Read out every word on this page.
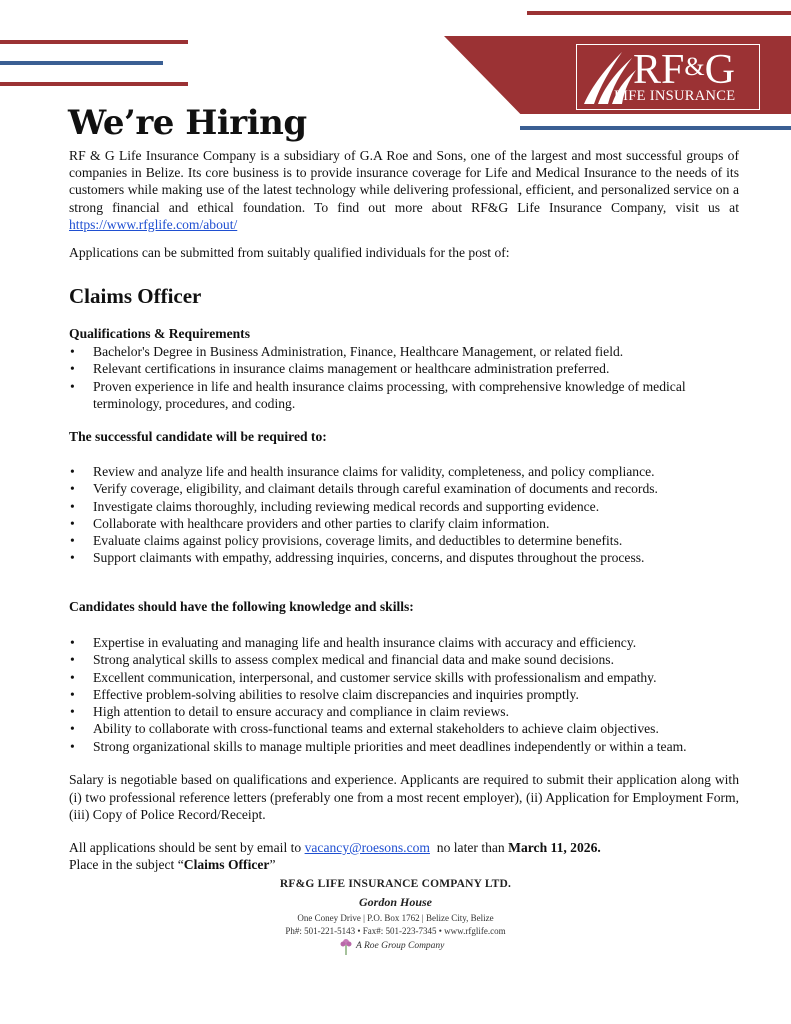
RF&G
LIFE INSURANCE
We’re Hiring
RF & G Life Insurance Company is a subsidiary of G.A Roe and Sons, one of the largest and most successful groups of companies in Belize. Its core business is to provide insurance coverage for Life and Medical Insurance to the needs of its customers while making use of the latest technology while delivering professional, efficient, and personalized service on a strong financial and ethical foundation. To find out more about RF&G Life Insurance Company, visit us at https://www.rfglife.com/about/
Applications can be submitted from suitably qualified individuals for the post of:
Claims Officer
Qualifications & Requirements
• Bachelor's Degree in Business Administration, Finance, Healthcare Management, or related field.
• Relevant certifications in insurance claims management or healthcare administration preferred.
• Proven experience in life and health insurance claims processing, with comprehensive knowledge of medical terminology, procedures, and coding.
The successful candidate will be required to:
• Review and analyze life and health insurance claims for validity, completeness, and policy compliance.
• Verify coverage, eligibility, and claimant details through careful examination of documents and records.
• Investigate claims thoroughly, including reviewing medical records and supporting evidence.
• Collaborate with healthcare providers and other parties to clarify claim information.
• Evaluate claims against policy provisions, coverage limits, and deductibles to determine benefits.
• Support claimants with empathy, addressing inquiries, concerns, and disputes throughout the process.
Candidates should have the following knowledge and skills:
• Expertise in evaluating and managing life and health insurance claims with accuracy and efficiency.
• Strong analytical skills to assess complex medical and financial data and make sound decisions.
• Excellent communication, interpersonal, and customer service skills with professionalism and empathy.
• Effective problem-solving abilities to resolve claim discrepancies and inquiries promptly.
• High attention to detail to ensure accuracy and compliance in claim reviews.
• Ability to collaborate with cross-functional teams and external stakeholders to achieve claim objectives.
• Strong organizational skills to manage multiple priorities and meet deadlines independently or within a team.
Salary is negotiable based on qualifications and experience. Applicants are required to submit their application along with (i) two professional reference letters (preferably one from a most recent employer), (ii) Application for Employment Form, (iii) Copy of Police Record/Receipt.
All applications should be sent by email to vacancy@roesons.com  no later than March 11, 2026.
Place in the subject “Claims Officer”
RF&G LIFE INSURANCE COMPANY LTD.
Gordon House
One Coney Drive | P.O. Box 1762 | Belize City, Belize
Ph#: 501-221-5143 • Fax#: 501-223-7345 • www.rfglife.com
A Roe Group Company
